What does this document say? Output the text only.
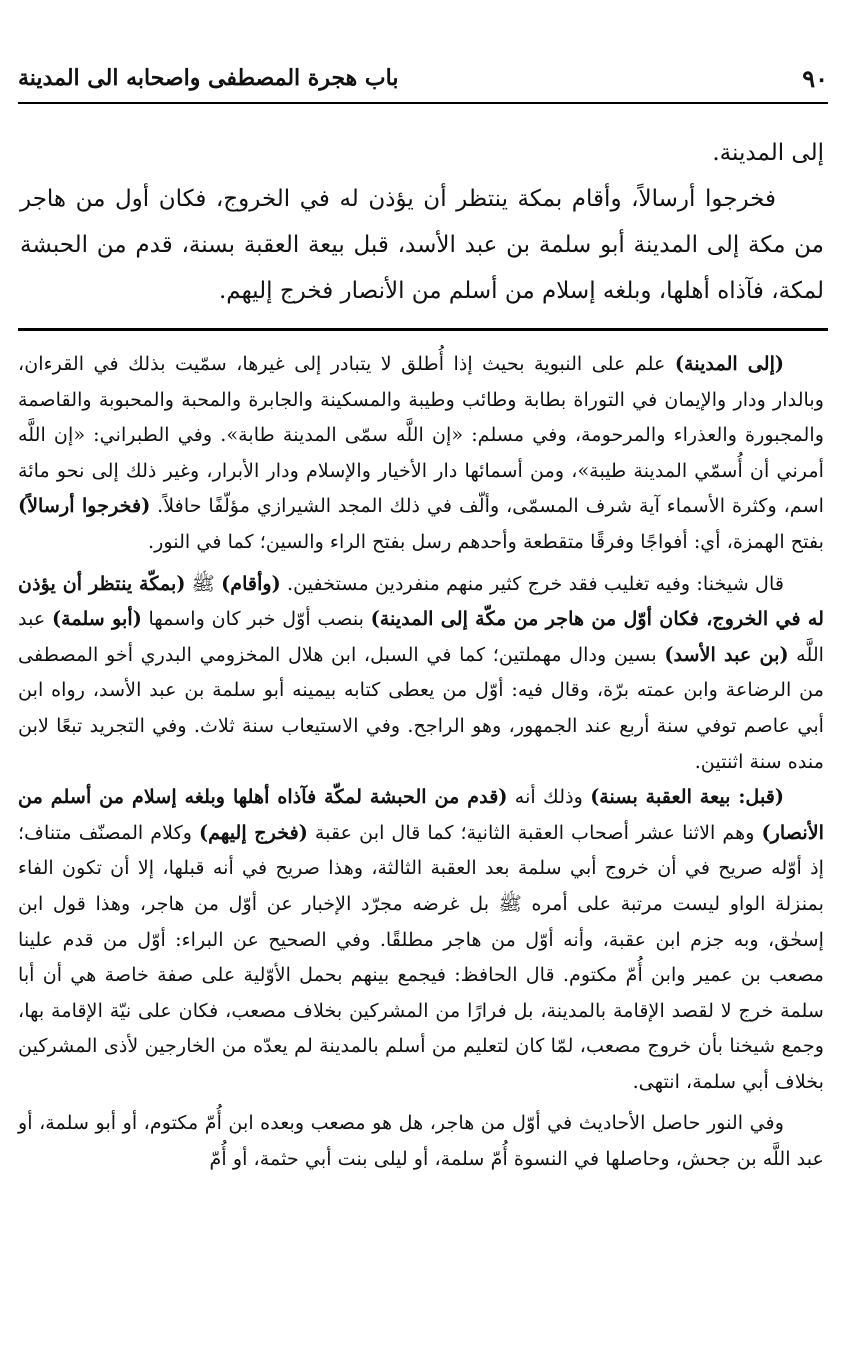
باب هجرة المصطفى واصحابه الى المدينة	٩٠

إلى المدينة.

فخرجوا أرسالاً، وأقام بمكة ينتظر أن يؤذن له في الخروج، فكان أول من هاجر من مكة إلى المدينة أبو سلمة بن عبد الأسد، قبل بيعة العقبة بسنة، قدم من الحبشة لمكة، فآذاه أهلها، وبلغه إسلام من أسلم من الأنصار فخرج إليهم.

(إلى المدينة) علم على النبوية بحيث إذا أُطلق لا يتبادر إلى غيرها، سمّيت بذلك في القرءان، وبالدار ودار والإيمان في التوراة بطابة وطائب وطيبة والمسكينة والجابرة والمحبة والمحبوبة والقاصمة والمجبورة والعذراء والمرحومة، وفي مسلم: «إن اللَّه سمّى المدينة طابة». وفي الطبراني: «إن اللَّه أمرني أن أُسمّي المدينة طيبة»، ومن أسمائها دار الأخيار والإسلام ودار الأبرار، وغير ذلك إلى نحو مائة اسم، وكثرة الأسماء آية شرف المسمّى، وألّف في ذلك المجد الشيرازي مؤلّفًا حافلاً. (فخرجوا أرسالاً) بفتح الهمزة، أي: أفواجًا وفرقًا متقطعة وأحدهم رسل بفتح الراء والسين؛ كما في النور.

قال شيخنا: وفيه تغليب فقد خرج كثير منهم منفردين مستخفين. (وأقام) ﷺ (بمكّة ينتظر أن يؤذن له في الخروج، فكان أوّل من هاجر من مكّة إلى المدينة) بنصب أوّل خبر كان واسمها (أبو سلمة) عبد اللَّه (بن عبد الأسد) بسين ودال مهملتين؛ كما في السبل، ابن هلال المخزومي البدري أخو المصطفى من الرضاعة وابن عمته برّة، وقال فيه: أوّل من يعطى كتابه بيمينه أبو سلمة بن عبد الأسد، رواه ابن أبي عاصم توفي سنة أربع عند الجمهور، وهو الراجح. وفي الاستيعاب سنة ثلاث. وفي التجريد تبعًا لابن منده سنة اثنتين.

(قبل: بيعة العقبة بسنة) وذلك أنه (قدم من الحبشة لمكّة فآذاه أهلها وبلغه إسلام من أسلم من الأنصار) وهم الاثنا عشر أصحاب العقبة الثانية؛ كما قال ابن عقبة (فخرج إليهم) وكلام المصنّف متناف؛ إذ أوّله صريح في أن خروج أبي سلمة بعد العقبة الثالثة، وهذا صريح في أنه قبلها، إلا أن تكون الفاء بمنزلة الواو ليست مرتبة على أمره ﷺ بل غرضه مجرّد الإخبار عن أوّل من هاجر، وهذا قول ابن إسحٰق، وبه جزم ابن عقبة، وأنه أوّل من هاجر مطلقًا. وفي الصحيح عن البراء: أوّل من قدم علينا مصعب بن عمير وابن أُمّ مكتوم. قال الحافظ: فيجمع بينهم بحمل الأوّلية على صفة خاصة هي أن أبا سلمة خرج لا لقصد الإقامة بالمدينة، بل فرارًا من المشركين بخلاف مصعب، فكان على نيّة الإقامة بها، وجمع شيخنا بأن خروج مصعب، لمّا كان لتعليم من أسلم بالمدينة لم يعدّه من الخارجين لأذى المشركين بخلاف أبي سلمة، انتهى.

وفي النور حاصل الأحاديث في أوّل من هاجر، هل هو مصعب وبعده ابن أُمّ مكتوم، أو أبو سلمة، أو عبد اللَّه بن جحش، وحاصلها في النسوة أُمّ سلمة، أو ليلى بنت أبي حثمة، أو أُمّ
